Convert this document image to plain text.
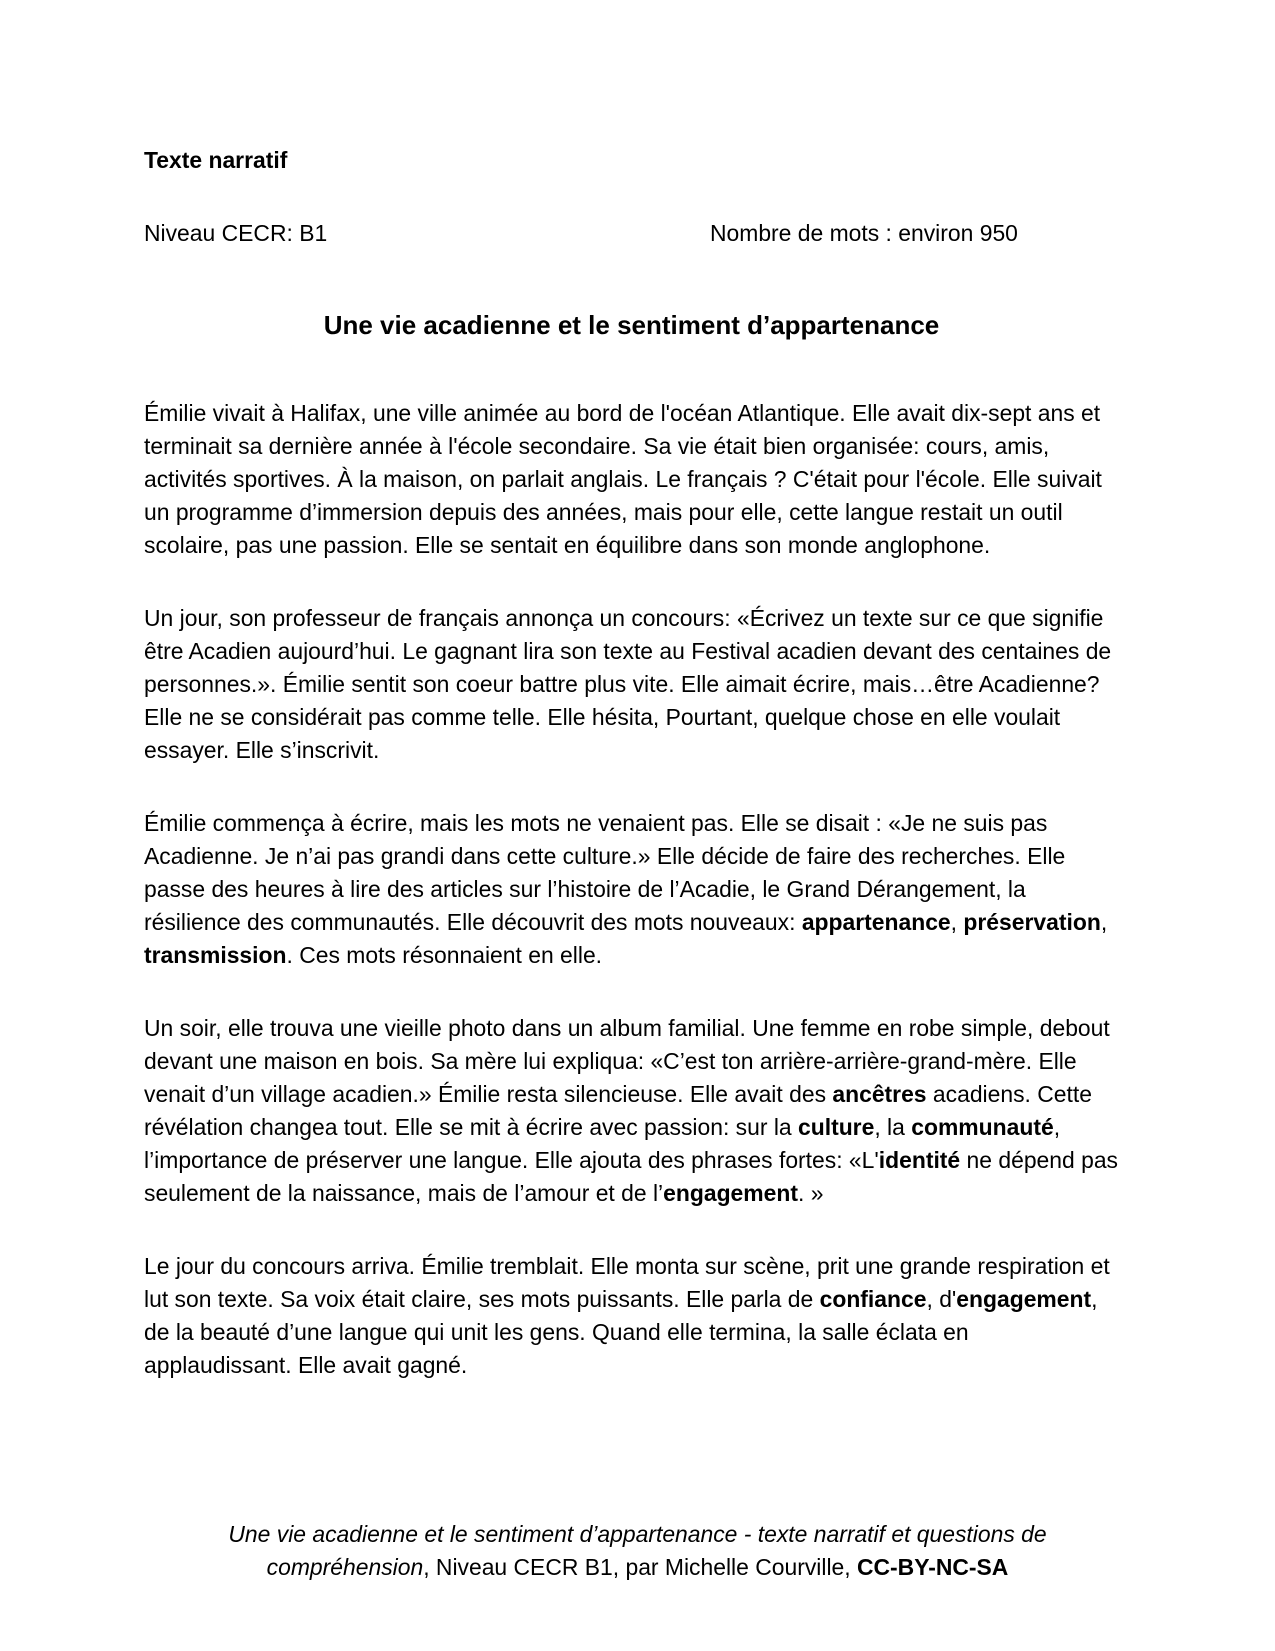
Texte narratif

Niveau CECR: B1	Nombre de mots : environ 950
Une vie acadienne et le sentiment d’appartenance

Émilie vivait à Halifax, une ville animée au bord de l'océan Atlantique. Elle avait dix-sept ans et terminait sa dernière année à l'école secondaire. Sa vie était bien organisée: cours, amis, activités sportives. À la maison, on parlait anglais. Le français ? C'était pour l'école. Elle suivait un programme d’immersion depuis des années, mais pour elle, cette langue restait un outil scolaire, pas une passion. Elle se sentait en équilibre dans son monde anglophone.

Un jour, son professeur de français annonça un concours: «Écrivez un texte sur ce que signifie être Acadien aujourd’hui. Le gagnant lira son texte au Festival acadien devant des centaines de personnes.». Émilie sentit son coeur battre plus vite. Elle aimait écrire, mais…être Acadienne? Elle ne se considérait pas comme telle. Elle hésita, Pourtant, quelque chose en elle voulait essayer. Elle s’inscrivit.

Émilie commença à écrire, mais les mots ne venaient pas. Elle se disait : «Je ne suis pas Acadienne. Je n’ai pas grandi dans cette culture.» Elle décide de faire des recherches. Elle passe des heures à lire des articles sur l’histoire de l’Acadie, le Grand Dérangement, la résilience des communautés. Elle découvrit des mots nouveaux: appartenance, préservation, transmission. Ces mots résonnaient en elle.

Un soir, elle trouva une vieille photo dans un album familial. Une femme en robe simple, debout devant une maison en bois. Sa mère lui expliqua: «C’est ton arrière-arrière-grand-mère. Elle venait d’un village acadien.» Émilie resta silencieuse. Elle avait des ancêtres acadiens. Cette révélation changea tout. Elle se mit à écrire avec passion: sur la culture, la communauté, l’importance de préserver une langue. Elle ajouta des phrases fortes: «L'identité ne dépend pas seulement de la naissance, mais de l’amour et de l’engagement. »

Le jour du concours arriva. Émilie tremblait. Elle monta sur scène, prit une grande respiration et lut son texte. Sa voix était claire, ses mots puissants. Elle parla de confiance, d'engagement, de la beauté d’une langue qui unit les gens. Quand elle termina, la salle éclata en applaudissant. Elle avait gagné.

Une vie acadienne et le sentiment d’appartenance - texte narratif et questions de compréhension, Niveau CECR B1, par Michelle Courville, CC-BY-NC-SA
